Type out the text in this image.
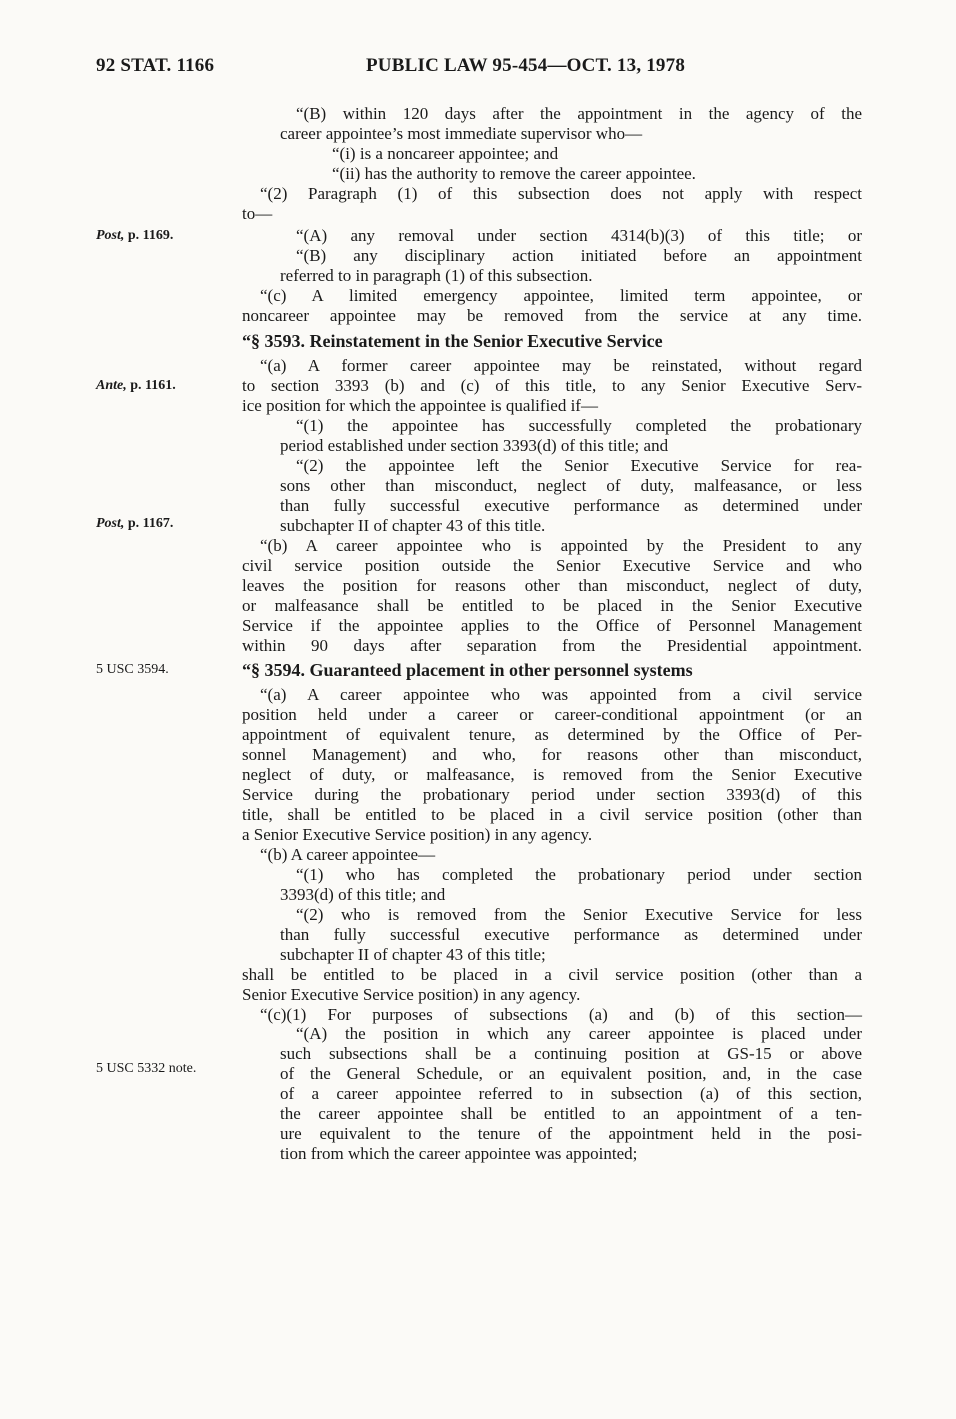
92 STAT. 1166	PUBLIC LAW 95-454—OCT. 13, 1978
Post, p. 1169.
Ante, p. 1161.
Post, p. 1167.
5 USC 3594.
5 USC 5332 note.
“(B) within 120 days after the appointment in the agency of the
career appointee’s most immediate supervisor who—
“(i) is a noncareer appointee; and
“(ii) has the authority to remove the career appointee.
“(2) Paragraph (1) of this subsection does not apply with respect
to—
“(A) any removal under section 4314(b)(3) of this title; or
“(B) any disciplinary action initiated before an appointment
referred to in paragraph (1) of this subsection.
“(c) A limited emergency appointee, limited term appointee, or
noncareer appointee may be removed from the service at any time.
“§ 3593. Reinstatement in the Senior Executive Service
“(a) A former career appointee may be reinstated, without regard
to section 3393 (b) and (c) of this title, to any Senior Executive Serv-
ice position for which the appointee is qualified if—
“(1) the appointee has successfully completed the probationary
period established under section 3393(d) of this title; and
“(2) the appointee left the Senior Executive Service for rea-
sons other than misconduct, neglect of duty, malfeasance, or less
than fully successful executive performance as determined under
subchapter II of chapter 43 of this title.
“(b) A career appointee who is appointed by the President to any
civil service position outside the Senior Executive Service and who
leaves the position for reasons other than misconduct, neglect of duty,
or malfeasance shall be entitled to be placed in the Senior Executive
Service if the appointee applies to the Office of Personnel Management
within 90 days after separation from the Presidential appointment.
“§ 3594. Guaranteed placement in other personnel systems
“(a) A career appointee who was appointed from a civil service
position held under a career or career-conditional appointment (or an
appointment of equivalent tenure, as determined by the Office of Per-
sonnel Management) and who, for reasons other than misconduct,
neglect of duty, or malfeasance, is removed from the Senior Executive
Service during the probationary period under section 3393(d) of this
title, shall be entitled to be placed in a civil service position (other than
a Senior Executive Service position) in any agency.
“(b) A career appointee—
“(1) who has completed the probationary period under section
3393(d) of this title; and
“(2) who is removed from the Senior Executive Service for less
than fully successful executive performance as determined under
subchapter II of chapter 43 of this title;
shall be entitled to be placed in a civil service position (other than a
Senior Executive Service position) in any agency.
“(c)(1) For purposes of subsections (a) and (b) of this section—
“(A) the position in which any career appointee is placed under
such subsections shall be a continuing position at GS-15 or above
of the General Schedule, or an equivalent position, and, in the case
of a career appointee referred to in subsection (a) of this section,
the career appointee shall be entitled to an appointment of a ten-
ure equivalent to the tenure of the appointment held in the posi-
tion from which the career appointee was appointed;
